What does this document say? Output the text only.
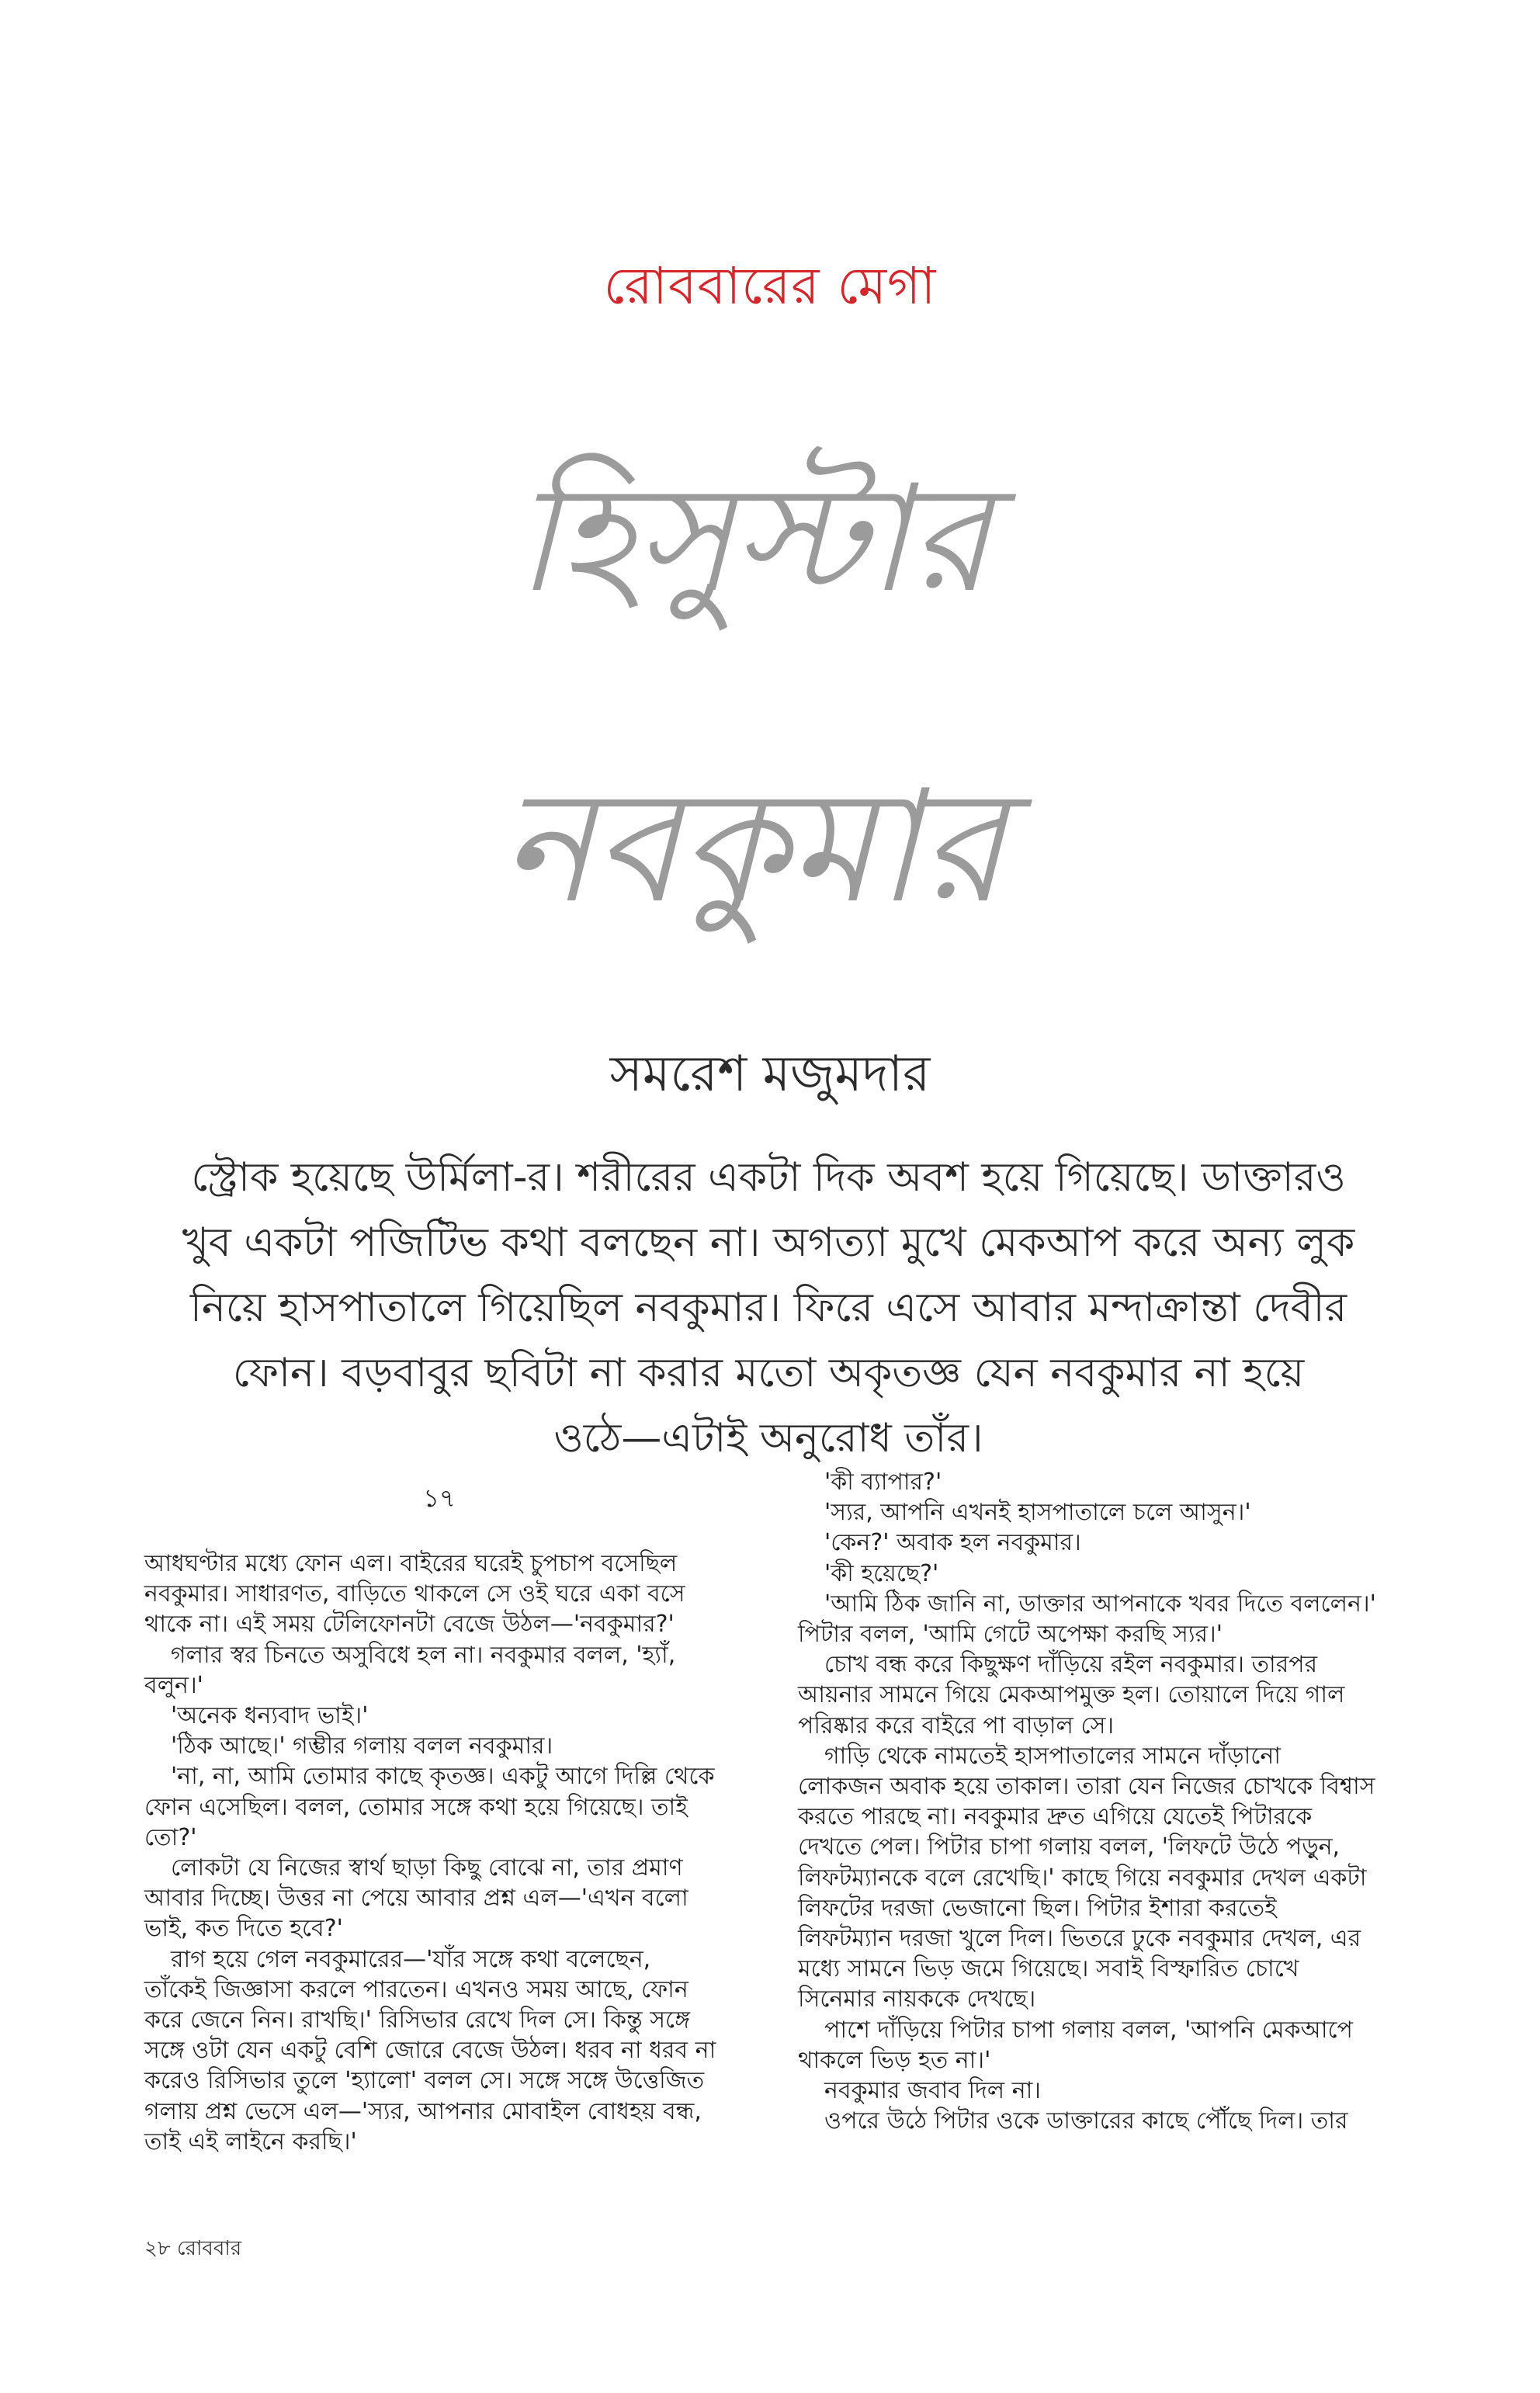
রোববারের মেগা
হিসুস্টার
নবকুমার
সমরেশ মজুমদার
স্ট্রোক হয়েছে উর্মিলা-র। শরীরের একটা দিক অবশ হয়ে গিয়েছে। ডাক্তারও
খুব একটা পজিটিভ কথা বলছেন না। অগত্যা মুখে মেকআপ করে অন্য লুক
নিয়ে হাসপাতালে গিয়েছিল নবকুমার। ফিরে এসে আবার মন্দাক্রান্তা দেবীর
ফোন। বড়বাবুর ছবিটা না করার মতো অকৃতজ্ঞ যেন নবকুমার না হয়ে
ওঠে—এটাই অনুরোধ তাঁর।
১৭

আধঘণ্টার মধ্যে ফোন এল। বাইরের ঘরেই চুপচাপ বসেছিল

নবকুমার। সাধারণত, বাড়িতে থাকলে সে ওই ঘরে একা বসে

থাকে না। এই সময় টেলিফোনটা বেজে উঠল—'নবকুমার?'

গলার স্বর চিনতে অসুবিধে হল না। নবকুমার বলল, 'হ্যাঁ,

বলুন।'

'অনেক ধন্যবাদ ভাই।'

'ঠিক আছে।' গম্ভীর গলায় বলল নবকুমার।

'না, না, আমি তোমার কাছে কৃতজ্ঞ। একটু আগে দিল্লি থেকে

ফোন এসেছিল। বলল, তোমার সঙ্গে কথা হয়ে গিয়েছে। তাই

তো?'

লোকটা যে নিজের স্বার্থ ছাড়া কিছু বোঝে না, তার প্রমাণ

আবার দিচ্ছে। উত্তর না পেয়ে আবার প্রশ্ন এল—'এখন বলো

ভাই, কত দিতে হবে?'

রাগ হয়ে গেল নবকুমারের—'যাঁর সঙ্গে কথা বলেছেন,

তাঁকেই জিজ্ঞাসা করলে পারতেন। এখনও সময় আছে, ফোন

করে জেনে নিন। রাখছি।' রিসিভার রেখে দিল সে। কিন্তু সঙ্গে

সঙ্গে ওটা যেন একটু বেশি জোরে বেজে উঠল। ধরব না ধরব না

করেও রিসিভার তুলে 'হ্যালো' বলল সে। সঙ্গে সঙ্গে উত্তেজিত

গলায় প্রশ্ন ভেসে এল—'স্যর, আপনার মোবাইল বোধহয় বন্ধ,

তাই এই লাইনে করছি।'

'কী ব্যাপার?'

'স্যর, আপনি এখনই হাসপাতালে চলে আসুন।'

'কেন?' অবাক হল নবকুমার।

'কী হয়েছে?'

'আমি ঠিক জানি না, ডাক্তার আপনাকে খবর দিতে বললেন।'

পিটার বলল, 'আমি গেটে অপেক্ষা করছি স্যর।'

চোখ বন্ধ করে কিছুক্ষণ দাঁড়িয়ে রইল নবকুমার। তারপর

আয়নার সামনে গিয়ে মেকআপমুক্ত হল। তোয়ালে দিয়ে গাল

পরিষ্কার করে বাইরে পা বাড়াল সে।

গাড়ি থেকে নামতেই হাসপাতালের সামনে দাঁড়ানো

লোকজন অবাক হয়ে তাকাল। তারা যেন নিজের চোখকে বিশ্বাস

করতে পারছে না। নবকুমার দ্রুত এগিয়ে যেতেই পিটারকে

দেখতে পেল। পিটার চাপা গলায় বলল, 'লিফটে উঠে পড়ুন,

লিফটম্যানকে বলে রেখেছি।' কাছে গিয়ে নবকুমার দেখল একটা

লিফটের দরজা ভেজানো ছিল। পিটার ইশারা করতেই

লিফটম্যান দরজা খুলে দিল। ভিতরে ঢুকে নবকুমার দেখল, এর

মধ্যে সামনে ভিড় জমে গিয়েছে। সবাই বিস্ফারিত চোখে

সিনেমার নায়ককে দেখছে।

পাশে দাঁড়িয়ে পিটার চাপা গলায় বলল, 'আপনি মেকআপে

থাকলে ভিড় হত না।'

নবকুমার জবাব দিল না।

ওপরে উঠে পিটার ওকে ডাক্তারের কাছে পৌঁছে দিল। তার

২৮ রোববার
